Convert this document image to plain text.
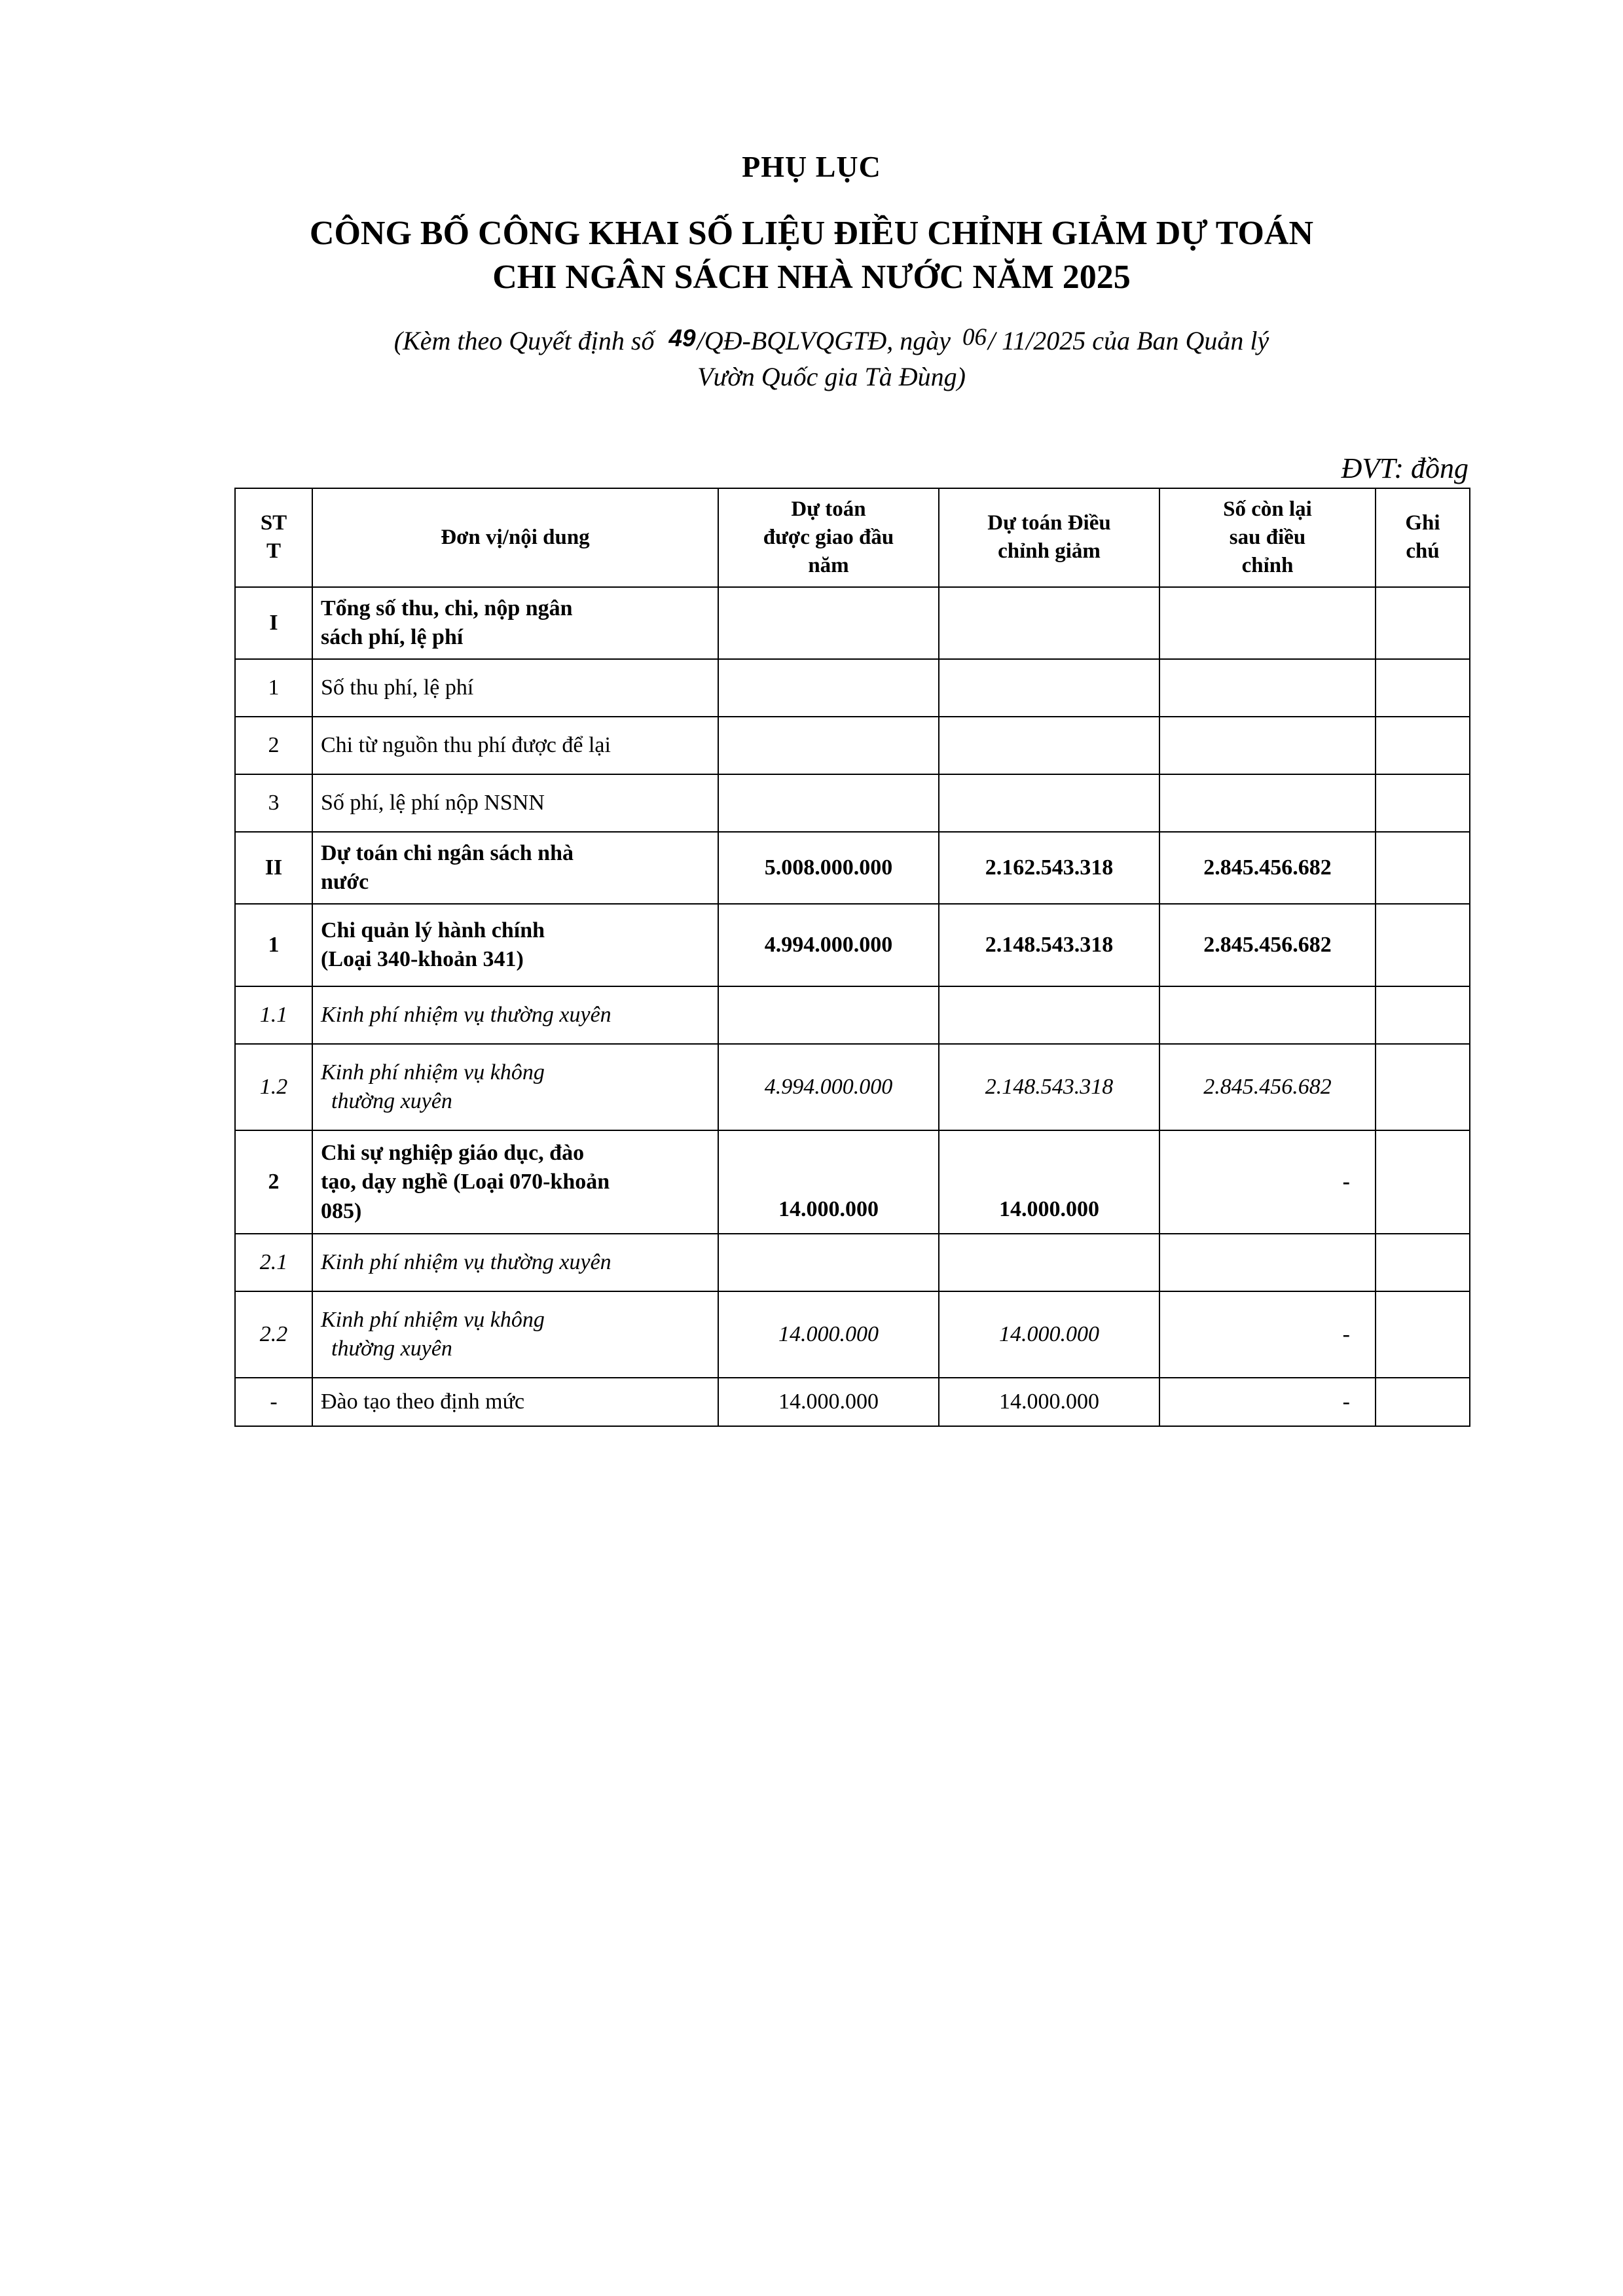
PHỤ LỤC
CÔNG BỐ CÔNG KHAI SỐ LIỆU ĐIỀU CHỈNH GIẢM DỰ TOÁN
CHI NGÂN SÁCH NHÀ NƯỚC NĂM 2025
(Kèm theo Quyết định số 49/QĐ-BQLVQGTĐ, ngày 06/ 11/2025 của Ban Quản lý
Vườn Quốc gia Tà Đùng)
ĐVT: đồng
ST
T	Đơn vị/nội dung	Dự toán
được giao đầu
năm	Dự toán Điều
chỉnh giảm	Số còn lại
sau điều
chỉnh	Ghi
chú
I	Tổng số thu, chi, nộp ngân
sách phí, lệ phí				

1	Số thu phí, lệ phí				

2	Chi từ nguồn thu phí được để lại				

3	Số phí, lệ phí nộp NSNN				

II	Dự toán chi ngân sách nhà
nước	5.008.000.000	2.162.543.318	2.845.456.682	
1	Chi quản lý hành chính
(Loại 340-khoản 341)	4.994.000.000	2.148.543.318	2.845.456.682	
1.1	Kinh phí nhiệm vụ thường xuyên				

1.2	Kinh phí nhiệm vụ không
thường xuyên	4.994.000.000	2.148.543.318	2.845.456.682	
2	Chi sự nghiệp giáo dục, đào
tạo, dạy nghề (Loại 070-khoản
085)	14.000.000	14.000.000	-	
2.1	Kinh phí nhiệm vụ thường xuyên				

2.2	Kinh phí nhiệm vụ không
thường xuyên	14.000.000	14.000.000	-	
-	Đào tạo theo định mức	14.000.000	14.000.000	-	
